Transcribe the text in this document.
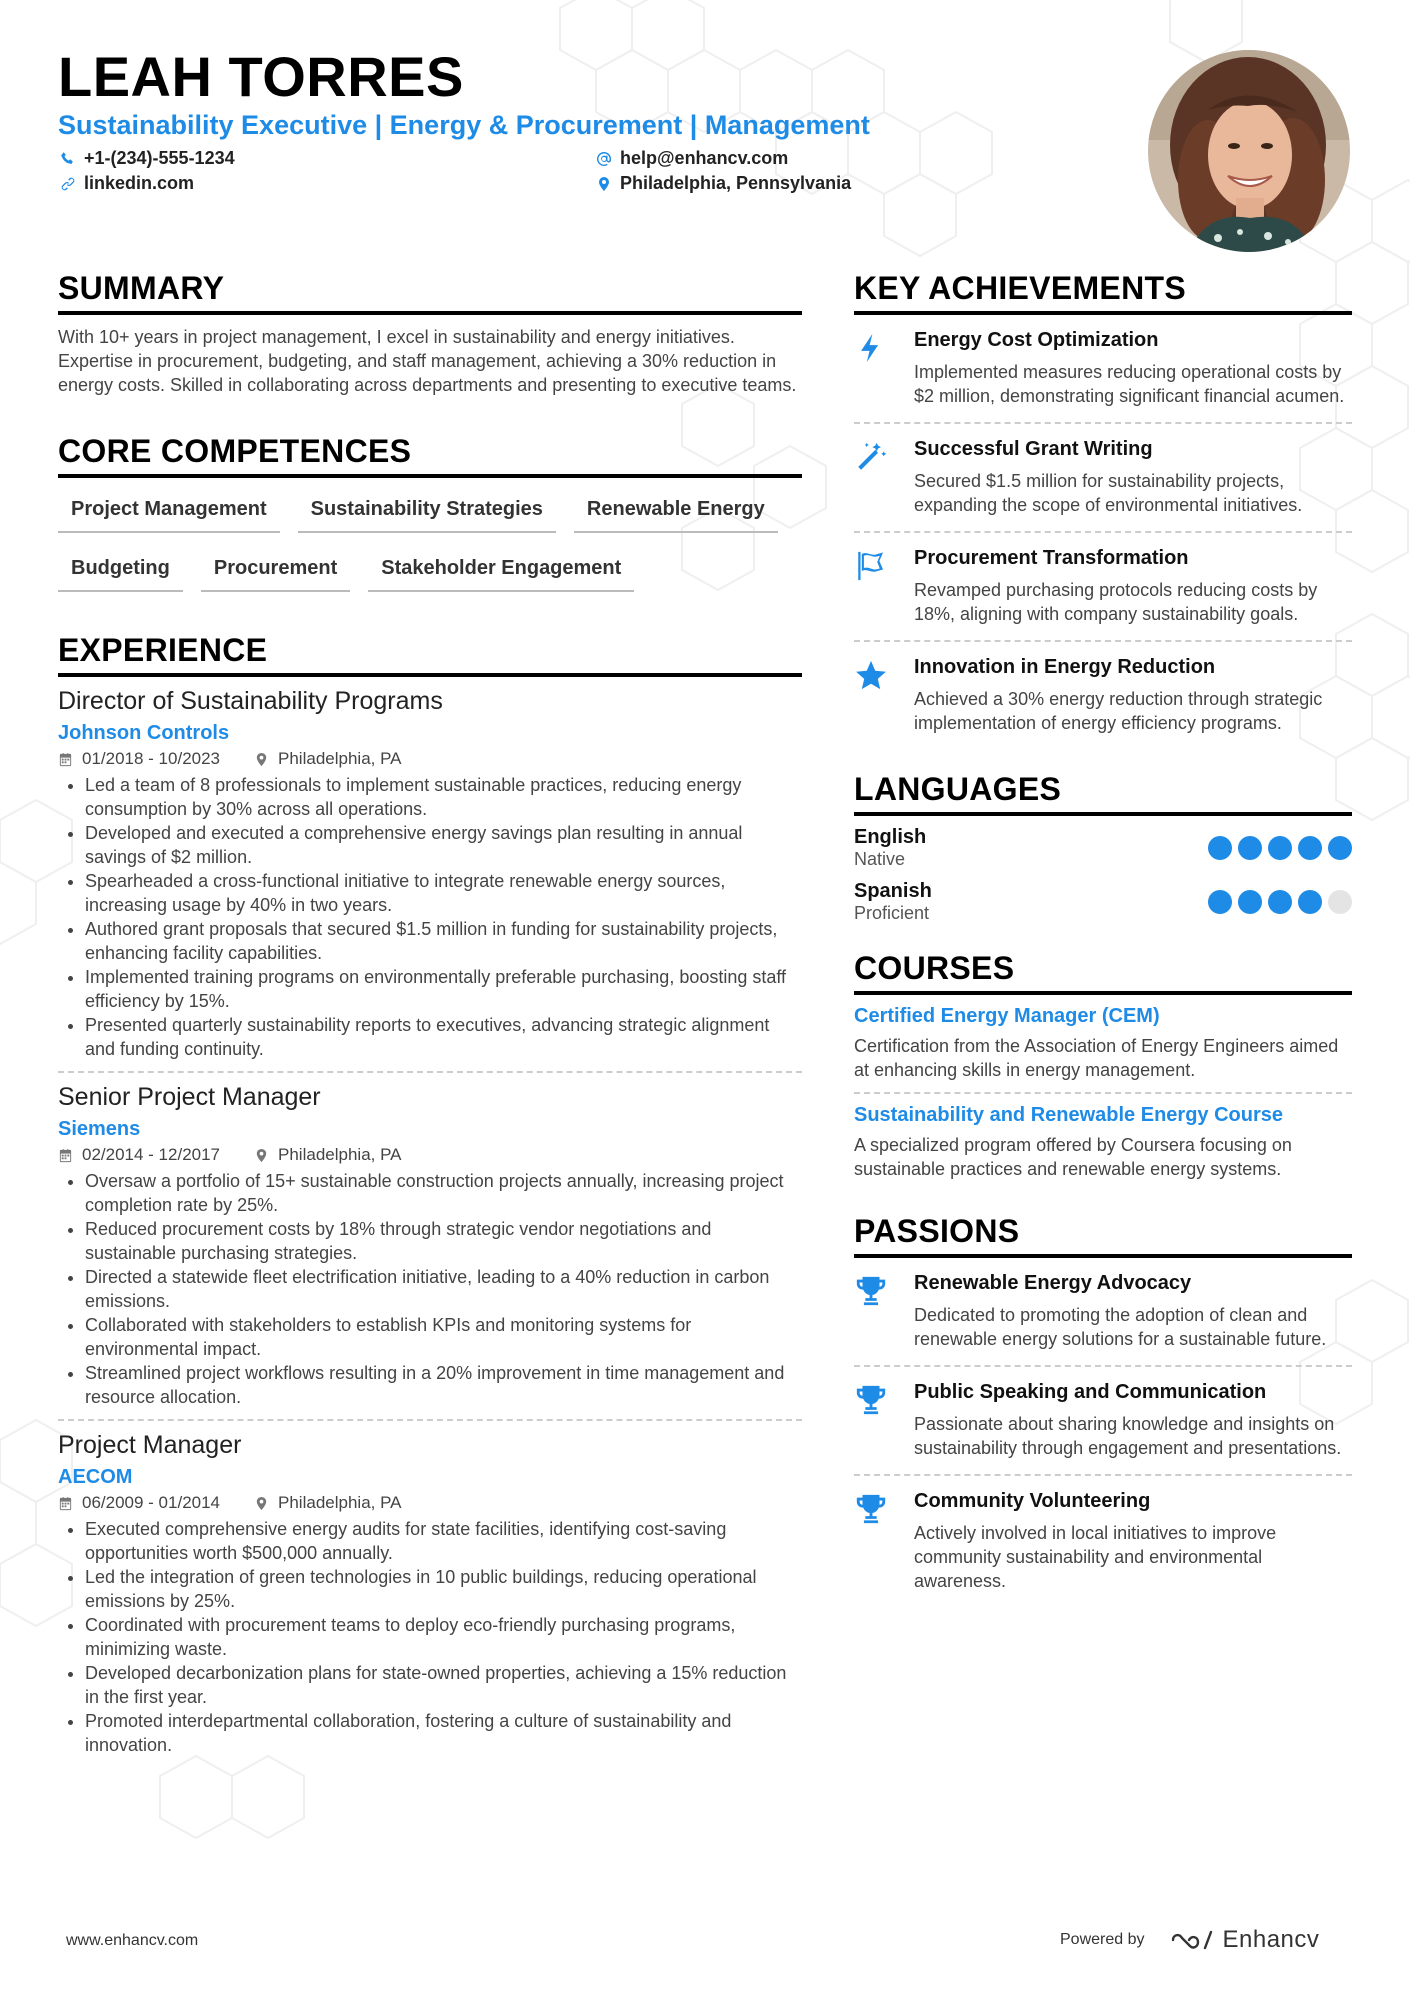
LEAH TORRES
Sustainability Executive | Energy & Procurement | Management
+1-(234)-555-1234	help@enhancv.com
linkedin.com	Philadelphia, Pennsylvania
SUMMARY

With 10+ years in project management, I excel in sustainability and energy initiatives. Expertise in procurement, budgeting, and staff management, achieving a 30% reduction in energy costs. Skilled in collaborating across departments and presenting to executive teams.

CORE COMPETENCES
Project Management	Sustainability Strategies	Renewable Energy
Budgeting	Procurement	Stakeholder Engagement
EXPERIENCE
Director of Sustainability Programs
Johnson Controls
01/2018 - 10/2023	Philadelphia, PA
• Led a team of 8 professionals to implement sustainable practices, reducing energy consumption by 30% across all operations.
• Developed and executed a comprehensive energy savings plan resulting in annual savings of $2 million.
• Spearheaded a cross-functional initiative to integrate renewable energy sources, increasing usage by 40% in two years.
• Authored grant proposals that secured $1.5 million in funding for sustainability projects, enhancing facility capabilities.
• Implemented training programs on environmentally preferable purchasing, boosting staff efficiency by 15%.
• Presented quarterly sustainability reports to executives, advancing strategic alignment and funding continuity.
Senior Project Manager
Siemens
02/2014 - 12/2017	Philadelphia, PA
• Oversaw a portfolio of 15+ sustainable construction projects annually, increasing project completion rate by 25%.
• Reduced procurement costs by 18% through strategic vendor negotiations and sustainable purchasing strategies.
• Directed a statewide fleet electrification initiative, leading to a 40% reduction in carbon emissions.
• Collaborated with stakeholders to establish KPIs and monitoring systems for environmental impact.
• Streamlined project workflows resulting in a 20% improvement in time management and resource allocation.
Project Manager
AECOM
06/2009 - 01/2014	Philadelphia, PA
• Executed comprehensive energy audits for state facilities, identifying cost-saving opportunities worth $500,000 annually.
• Led the integration of green technologies in 10 public buildings, reducing operational emissions by 25%.
• Coordinated with procurement teams to deploy eco-friendly purchasing programs, minimizing waste.
• Developed decarbonization plans for state-owned properties, achieving a 15% reduction in the first year.
• Promoted interdepartmental collaboration, fostering a culture of sustainability and innovation.
KEY ACHIEVEMENTS
Energy Cost Optimization

Implemented measures reducing operational costs by $2 million, demonstrating significant financial acumen.

Successful Grant Writing

Secured $1.5 million for sustainability projects, expanding the scope of environmental initiatives.

Procurement Transformation

Revamped purchasing protocols reducing costs by 18%, aligning with company sustainability goals.

Innovation in Energy Reduction

Achieved a 30% energy reduction through strategic implementation of energy efficiency programs.

LANGUAGES
English
Native
Spanish
Proficient
COURSES
Certified Energy Manager (CEM)

Certification from the Association of Energy Engineers aimed at enhancing skills in energy management.

Sustainability and Renewable Energy Course

A specialized program offered by Coursera focusing on sustainable practices and renewable energy systems.

PASSIONS
Renewable Energy Advocacy

Dedicated to promoting the adoption of clean and renewable energy solutions for a sustainable future.

Public Speaking and Communication

Passionate about sharing knowledge and insights on sustainability through engagement and presentations.

Community Volunteering

Actively involved in local initiatives to improve community sustainability and environmental awareness.

www.enhancv.com	Powered by	Enhancv
